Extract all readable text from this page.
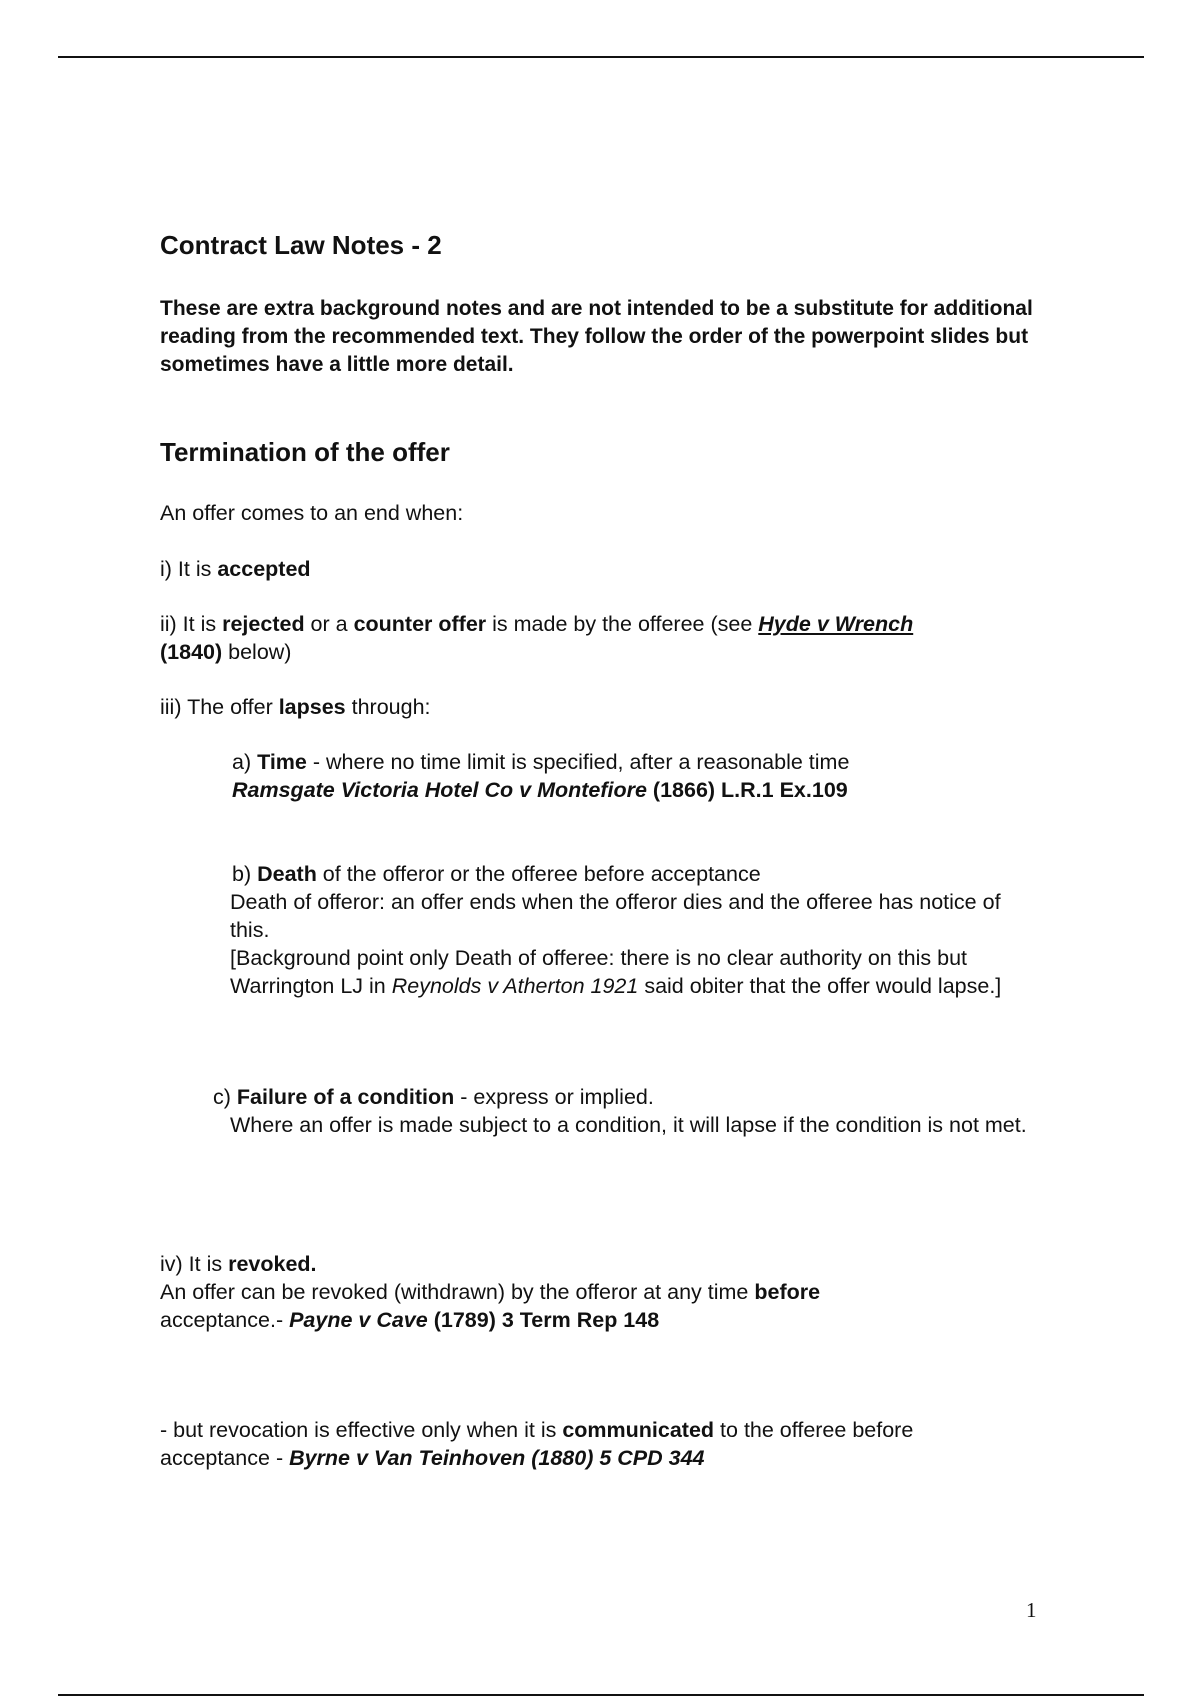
Contract Law Notes - 2
These are extra background notes and are not intended to be a substitute for additional reading from the recommended text. They follow the order of the powerpoint slides but sometimes have a little more detail.
Termination of the offer
An offer comes to an end when:
i) It is accepted
ii) It is rejected or a counter offer is made by the offeree (see Hyde v Wrench
(1840) below)
iii) The offer lapses through:
a) Time - where no time limit is specified, after a reasonable time
Ramsgate Victoria Hotel Co v Montefiore (1866) L.R.1 Ex.109
b) Death of the offeror or the offeree before acceptance
Death of offeror: an offer ends when the offeror dies and the offeree has notice of this.
[Background point only Death of offeree: there is no clear authority on this but Warrington LJ in Reynolds v Atherton 1921 said obiter that the offer would lapse.]
c) Failure of a condition - express or implied.
Where an offer is made subject to a condition, it will lapse if the condition is not met.
iv) It is revoked.
An offer can be revoked (withdrawn) by the offeror at any time before
acceptance.- Payne v Cave (1789) 3 Term Rep 148
- but revocation is effective only when it is communicated to the offeree before acceptance - Byrne v Van Teinhoven (1880) 5 CPD 344
1
